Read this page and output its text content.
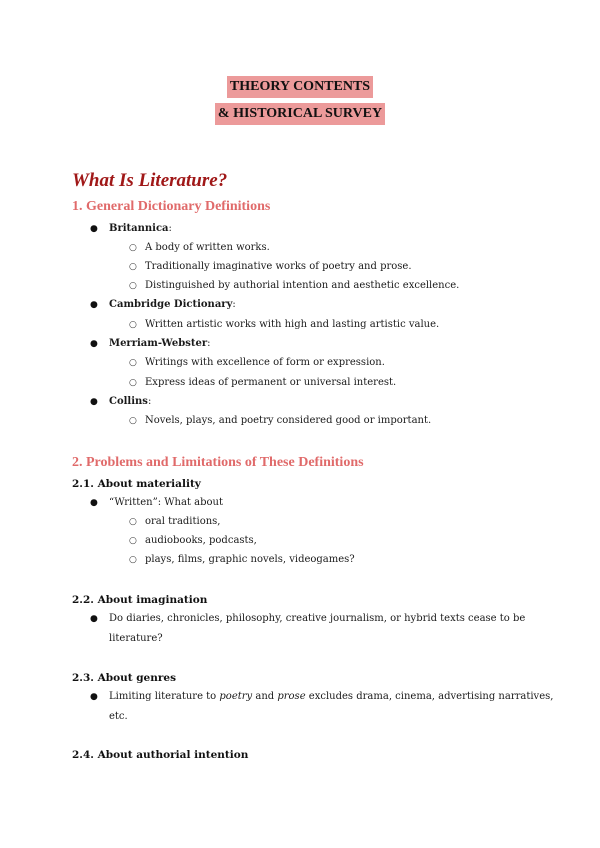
THEORY CONTENTS
& HISTORICAL SURVEY
What Is Literature?
1. General Dictionary Definitions
● Britannica:
○ A body of written works.
○ Traditionally imaginative works of poetry and prose.
○ Distinguished by authorial intention and aesthetic excellence.
● Cambridge Dictionary:
○ Written artistic works with high and lasting artistic value.
● Merriam-Webster:
○ Writings with excellence of form or expression.
○ Express ideas of permanent or universal interest.
● Collins:
○ Novels, plays, and poetry considered good or important.
2. Problems and Limitations of These Definitions
2.1. About materiality
● “Written”: What about
○ oral traditions,
○ audiobooks, podcasts,
○ plays, films, graphic novels, videogames?
2.2. About imagination
● Do diaries, chronicles, philosophy, creative journalism, or hybrid texts cease to be
literature?
2.3. About genres
● Limiting literature to poetry and prose excludes drama, cinema, advertising narratives,
etc.
2.4. About authorial intention
